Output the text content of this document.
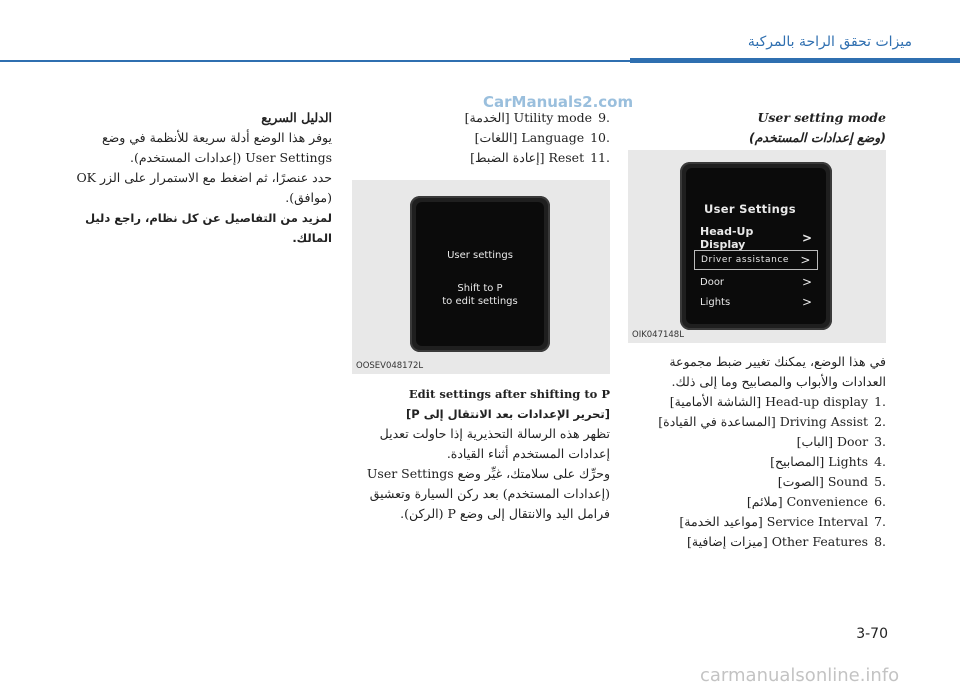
ميزات تحقق الراحة بالمركبة
CarManuals2.com

User setting mode

(وضع إعدادات المستخدم)

User Settings
Head-Up Display	>
Driver assistance >
Door	>
Lights	>
OIK047148L

في هذا الوضع، يمكنك تغيير ضبط مجموعة

العدادات والأبواب والمصابيح وما إلى ذلك.

.1Head-up display [الشاشة الأمامية]

.2Driving Assist [المساعدة في القيادة]

.3Door [الباب]

.4Lights [المصابيح]

.5Sound [الصوت]

.6Convenience [ملائم]

.7Service Interval [مواعيد الخدمة]

.8Other Features [ميزات إضافية]

.9Utility mode [الخدمة]

.10Language [اللغات]

.11Reset [إعادة الضبط]

User settings
Shift to P
to edit settings
OOSEV048172L

Edit settings after shifting to P

[تحرير الإعدادات بعد الانتقال إلى P]

تظهر هذه الرسالة التحذيرية إذا حاولت تعديل

إعدادات المستخدم أثناء القيادة.

وحرِّك على سلامتك، غيِّر وضع User Settings

(إعدادات المستخدم) بعد ركن السيارة وتعشيق

فرامل اليد والانتقال إلى وضع P (الركن).

الدليل السريع

يوفر هذا الوضع أدلة سريعة للأنظمة في وضع

User Settings (إعدادات المستخدم).

حدد عنصرًا، ثم اضغط مع الاستمرار على الزر OK

(موافق).

لمزيد من التفاصيل عن كل نظام، راجع دليل

المالك.

3-70
carmanualsonline.info
